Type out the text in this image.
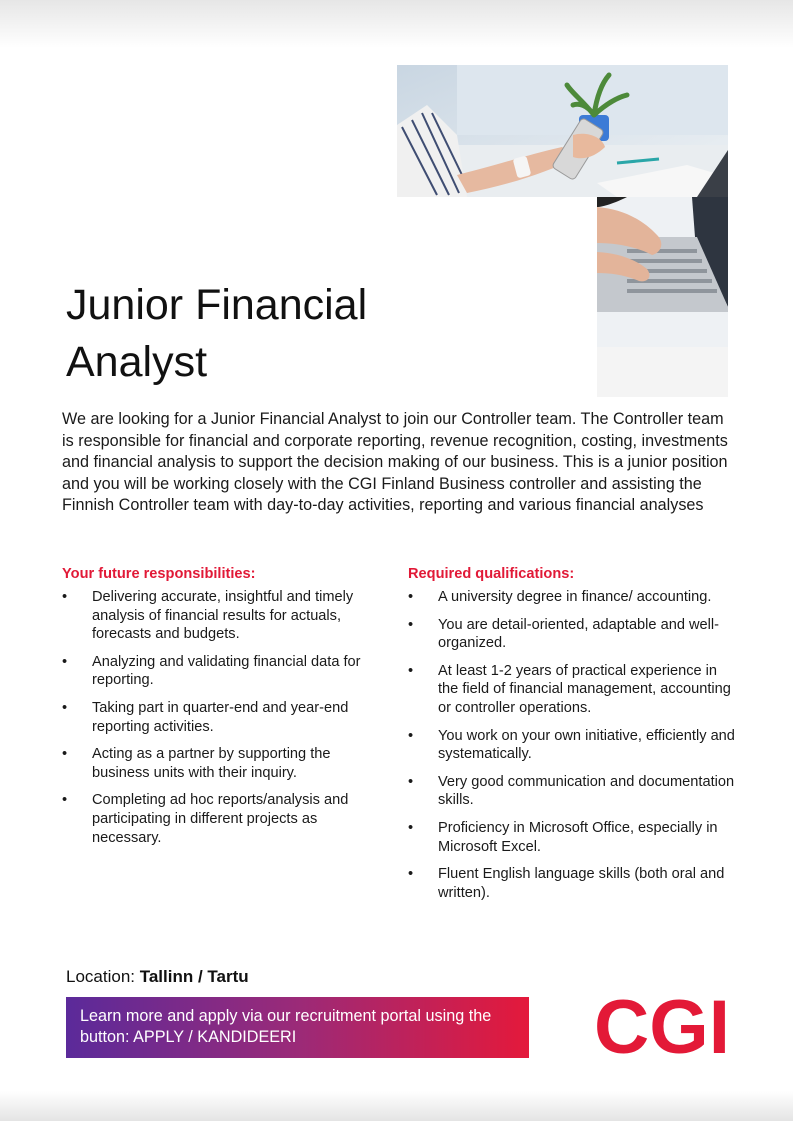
Junior Financial Analyst

We are looking for a Junior Financial Analyst to join our Controller team. The Controller team is responsible for financial and corporate reporting, revenue recognition, costing, investments and financial analysis to support the decision making of our business. This is a junior position and you will be working closely with the CGI Finland Business controller and assisting the Finnish Controller team with day-to-day activities, reporting and various financial analyses

Your future responsibilities:
• Delivering accurate, insightful and timely analysis of financial results for actuals, forecasts and budgets.
• Analyzing and validating financial data for reporting.
• Taking part in quarter-end and year-end reporting activities.
• Acting as a partner by supporting the business units with their inquiry.
• Completing ad hoc reports/analysis and participating in different projects as necessary.
Required qualifications:
• A university degree in finance/ accounting.
• You are detail-oriented, adaptable and well-organized.
• At least 1-2 years of practical experience in the field of financial management, accounting or controller operations.
• You work on your own initiative, efficiently and systematically.
• Very good communication and documentation skills.
• Proficiency in Microsoft Office, especially in Microsoft Excel.
• Fluent English language skills (both oral and written).
Location: Tallinn / Tartu
Learn more and apply via our recruitment portal using the button: APPLY / KANDIDEERI	CGI
